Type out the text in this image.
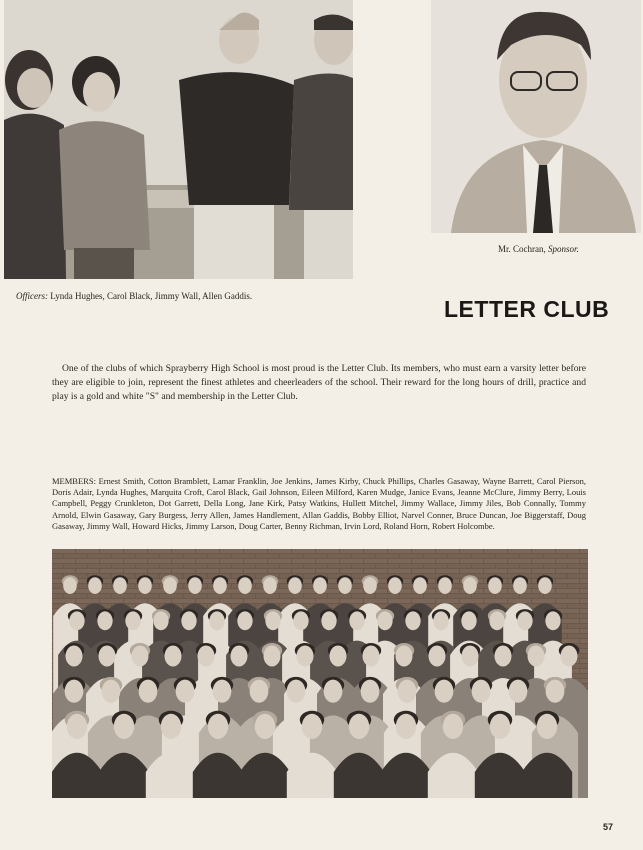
Officers: Lynda Hughes, Carol Black, Jimmy Wall, Allen Gaddis.
Mr. Cochran, Sponsor.
LETTER CLUB
One of the clubs of which Sprayberry High School is most proud is the Letter Club. Its members, who must earn a varsity letter before they are eligible to join, represent the finest athletes and cheerleaders of the school. Their reward for the long hours of drill, practice and play is a gold and white "S" and membership in the Letter Club.
MEMBERS: Ernest Smith, Cotton Bramblett, Lamar Franklin, Joe Jenkins, James Kirby, Chuck Phillips, Charles Gasaway, Wayne Barrett, Carol Pierson, Doris Adair, Lynda Hughes, Marquita Croft, Carol Black, Gail Johnson, Eileen Milford, Karen Mudge, Janice Evans, Jeanne McClure, Jimmy Berry, Louis Campbell, Peggy Crunkleton, Dot Garrett, Della Long, Jane Kirk, Patsy Watkins, Hullett Mitchel, Jimmy Wallace, Jimmy Jiles, Bob Connally, Tommy Arnold, Elwin Gasaway, Gary Burgess, Jerry Allen, James Handlement, Allan Gaddis, Bobby Elliot, Narvel Conner, Bruce Duncan, Joe Biggerstaff, Doug Gasaway, Jimmy Wall, Howard Hicks, Jimmy Larson, Doug Carter, Benny Richman, Irvin Lord, Roland Horn, Robert Holcombe.
57
